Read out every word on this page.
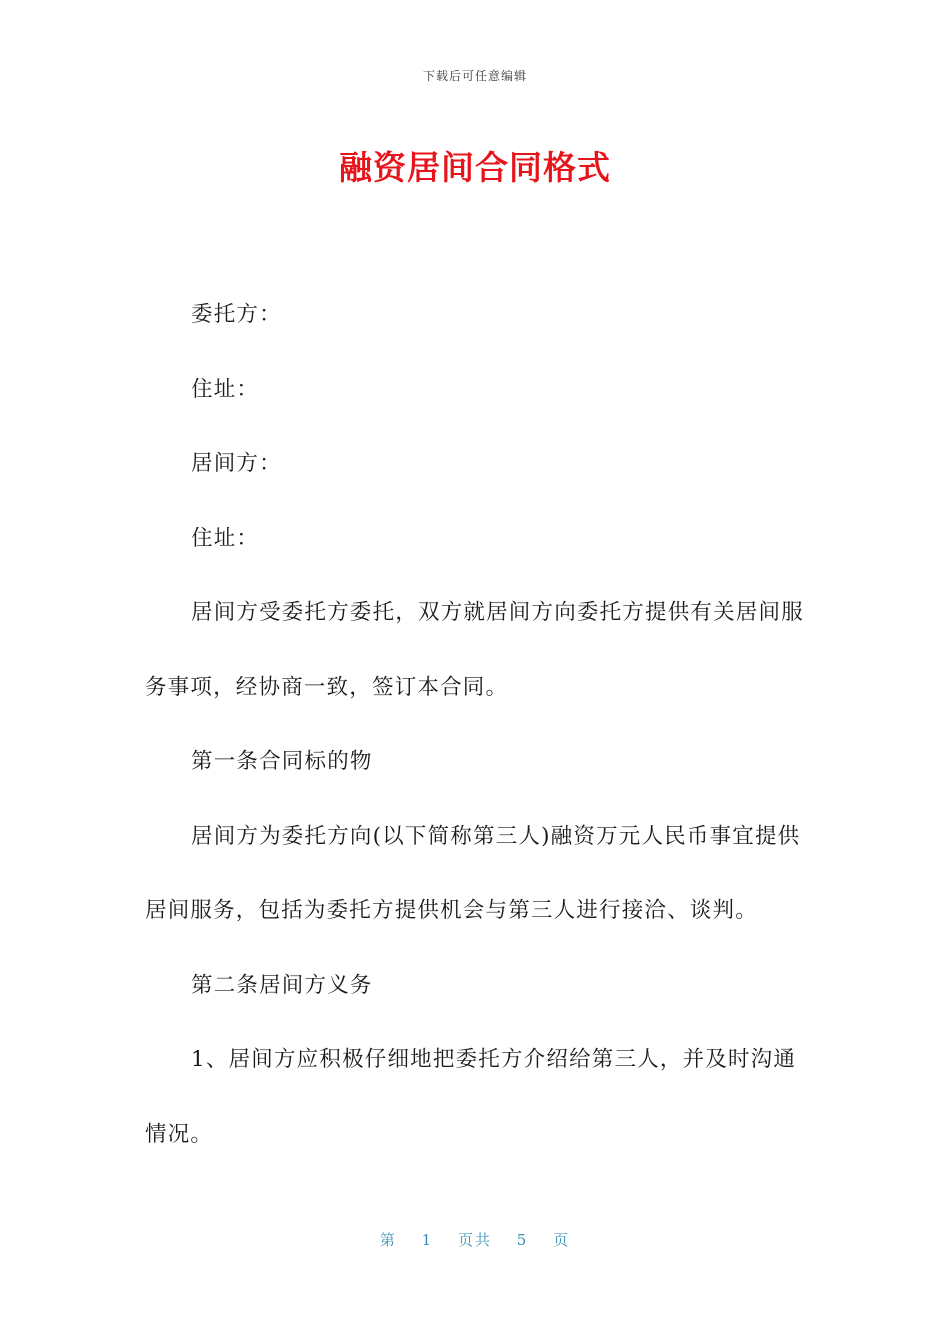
下载后可任意编辑
融资居间合同格式

委托方：

住址：

居间方：

住址：

居间方受委托方委托，双方就居间方向委托方提供有关居间服务事项，经协商一致，签订本合同。

第一条合同标的物

居间方为委托方向(以下简称第三人)融资万元人民币事宜提供居间服务，包括为委托方提供机会与第三人进行接洽、谈判。

第二条居间方义务

1、居间方应积极仔细地把委托方介绍给第三人，并及时沟通情况。

第 1 页共 5 页
